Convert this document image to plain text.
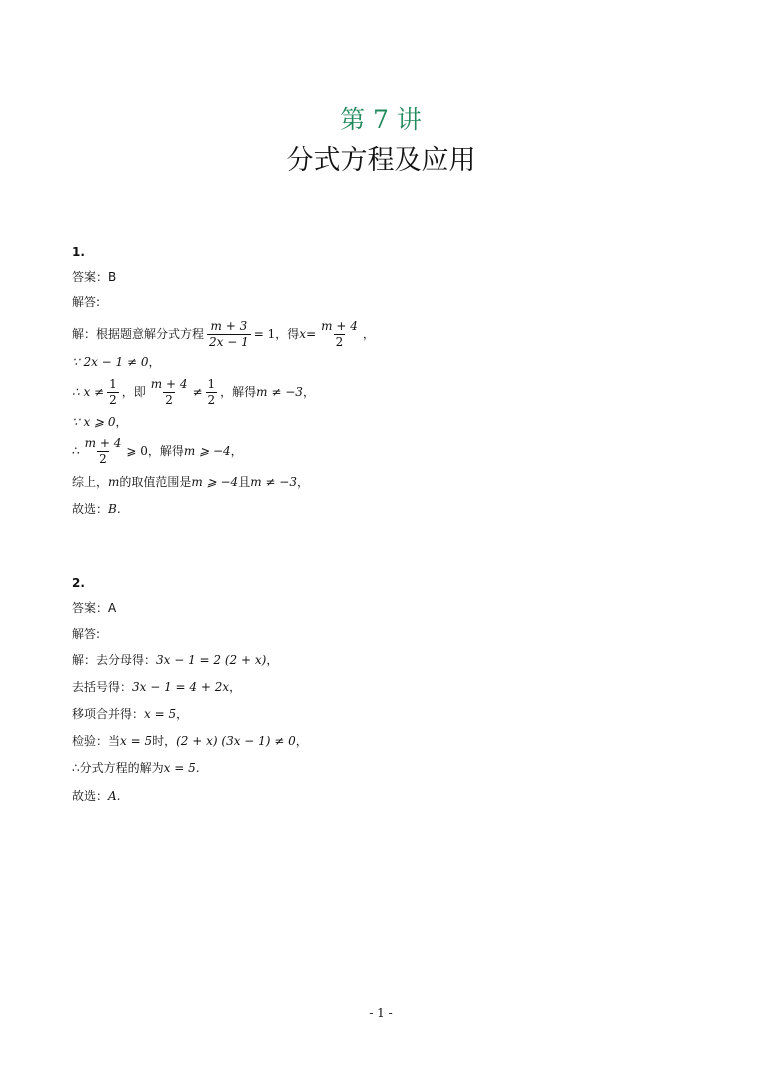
第 7 讲
分式方程及应用
1.
答案：B
解答:
解：根据题意解分式方程 $\frac{m + 3}{2x - 1} = 1$ ，得 $x = \frac{m + 4}{2}$ ，
∵ 2x − 1 ≠ 0 ，
∴ $x \ne \frac{1}{2}$ ，即 $\frac{m + 4}{2} \ne \frac{1}{2}$ ，解得 m ≠ −3 ，
∵ x ⩾ 0 ，
∴ $\frac{m + 4}{2}$ ⩾ 0 ，解得 m ⩾ −4 ，
综上， m 的取值范围是 m ⩾ −4 且 m ≠ −3 ，
故选： B.
2.
答案：A
解答:
解：去分母得： 3x − 1 = 2 (2 + x) ，
去括号得： 3x − 1 = 4 + 2x ，
移项合并得： x = 5 ，
检验：当 x = 5 时， (2 + x) (3x − 1) ≠ 0 ，
∴分式方程的解为 x = 5.
故选： A.
- 1 -
